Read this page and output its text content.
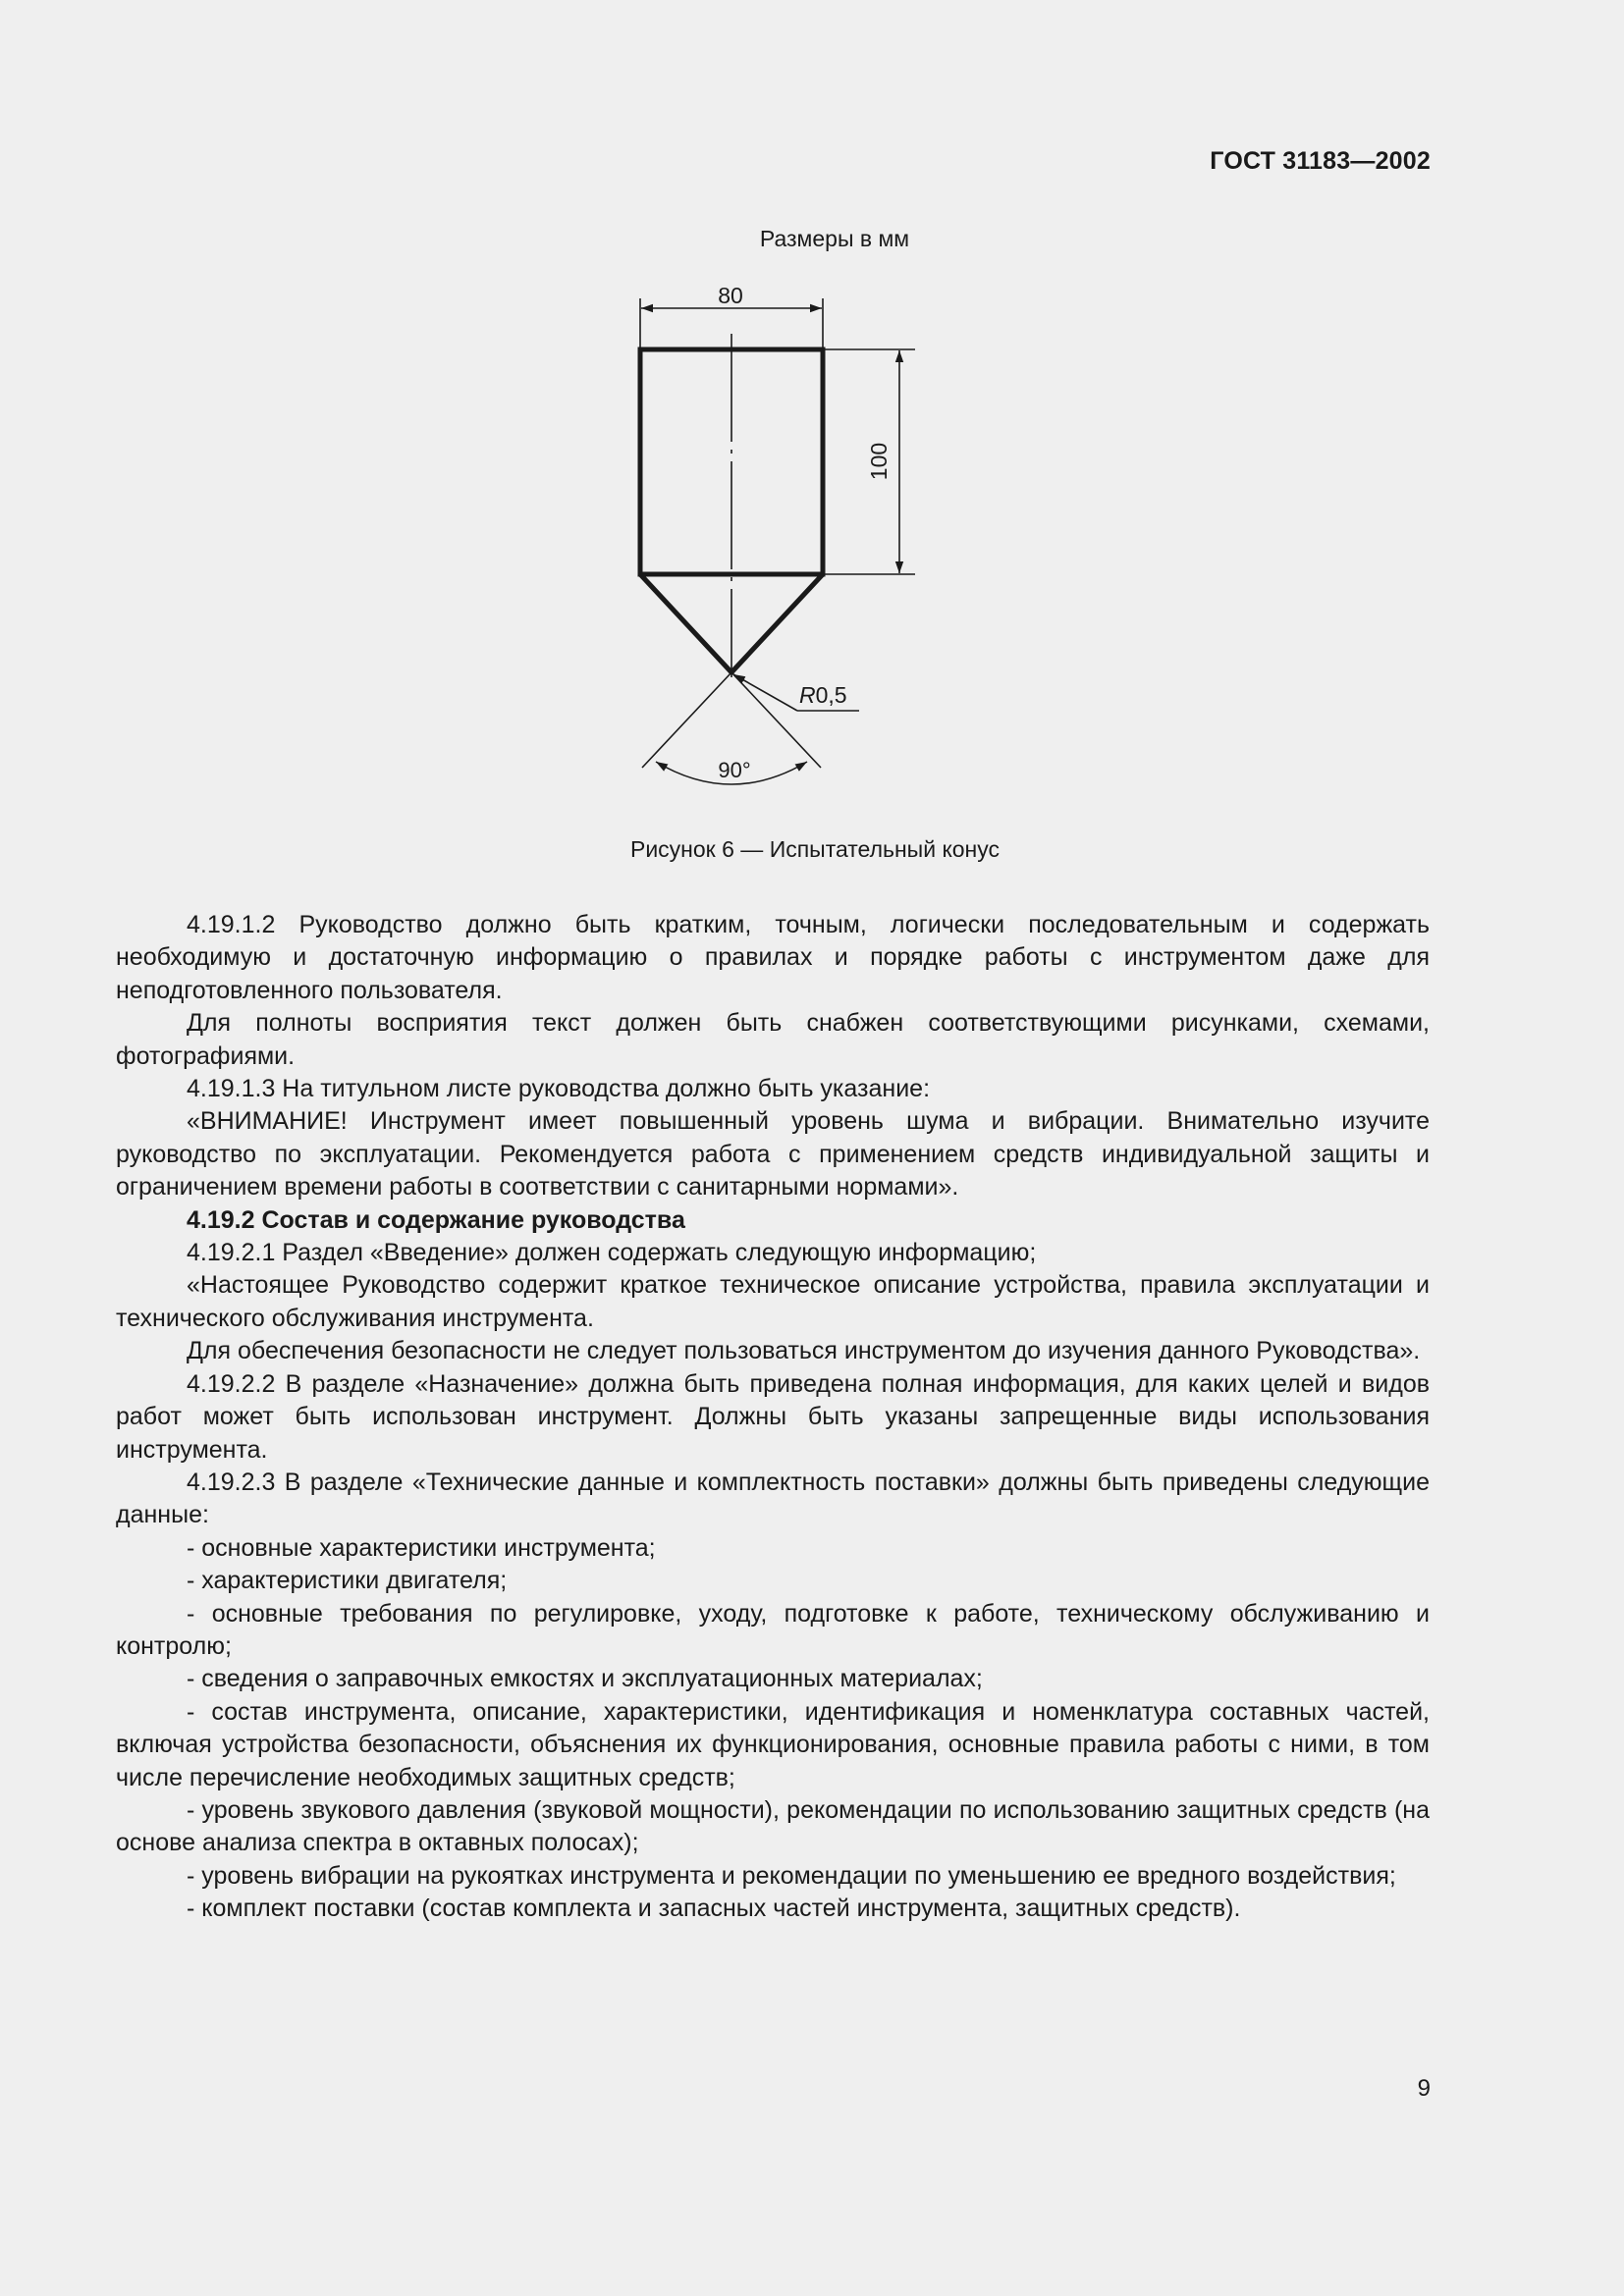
ГОСТ 31183—2002
Размеры в мм
80
100
90°
R0,5
Рисунок 6 — Испытательный конус

4.19.1.2 Руководство должно быть кратким, точным, логически последовательным и содержать необходимую и достаточную информацию о правилах и порядке работы с инструментом даже для неподготовленного пользователя.

Для полноты восприятия текст должен быть снабжен соответствующими рисунками, схемами, фотографиями.

4.19.1.3 На титульном листе руководства должно быть указание:

«ВНИМАНИЕ! Инструмент имеет повышенный уровень шума и вибрации. Внимательно изучите руководство по эксплуатации. Рекомендуется работа с применением средств индивидуальной защиты и ограничением времени работы в соответствии с санитарными нормами».

4.19.2 Состав и содержание руководства

4.19.2.1 Раздел «Введение» должен содержать следующую информацию;

«Настоящее Руководство содержит краткое техническое описание устройства, правила эксплуатации и технического обслуживания инструмента.

Для обеспечения безопасности не следует пользоваться инструментом до изучения данного Руководства».

4.19.2.2 В разделе «Назначение» должна быть приведена полная информация, для каких целей и видов работ может быть использован инструмент. Должны быть указаны запрещенные виды использования инструмента.

4.19.2.3 В разделе «Технические данные и комплектность поставки» должны быть приведены следующие данные:

- основные характеристики инструмента;

- характеристики двигателя;

- основные требования по регулировке, уходу, подготовке к работе, техническому обслуживанию и контролю;

- сведения о заправочных емкостях и эксплуатационных материалах;

- состав инструмента, описание, характеристики, идентификация и номенклатура составных частей, включая устройства безопасности, объяснения их функционирования, основные правила работы с ними, в том числе перечисление необходимых защитных средств;

- уровень звукового давления (звуковой мощности), рекомендации по использованию защитных средств (на основе анализа спектра в октавных полосах);

- уровень вибрации на рукоятках инструмента и рекомендации по уменьшению ее вредного воздействия;

- комплект поставки (состав комплекта и запасных частей инструмента, защитных средств).

9
